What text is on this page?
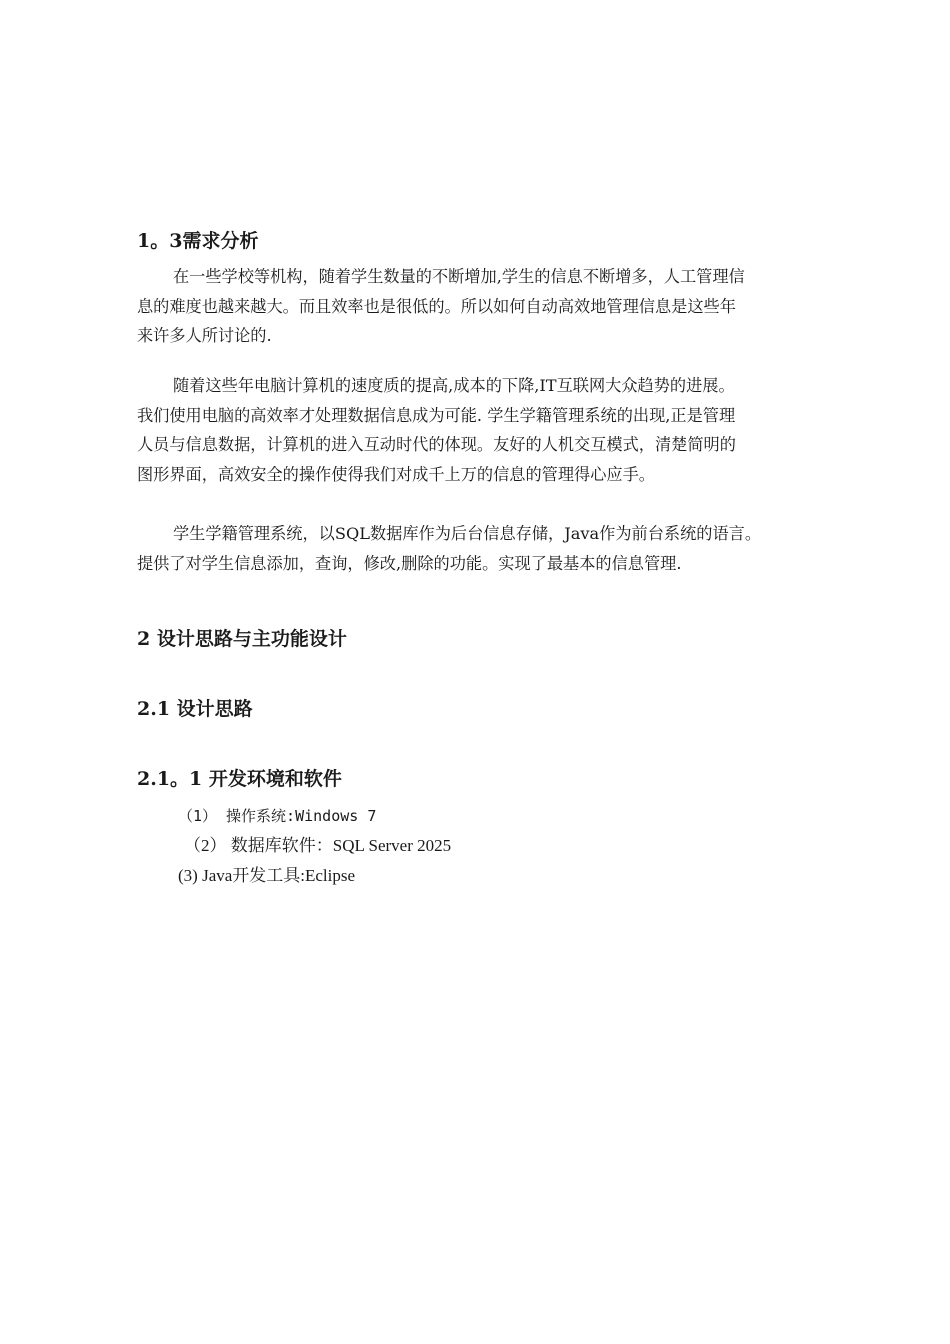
1。3需求分析
在一些学校等机构，随着学生数量的不断增加,学生的信息不断增多，人工管理信
息的难度也越来越大。而且效率也是很低的。所以如何自动高效地管理信息是这些年
来许多人所讨论的.
随着这些年电脑计算机的速度质的提高,成本的下降,IT互联网大众趋势的进展。
我们使用电脑的高效率才处理数据信息成为可能. 学生学籍管理系统的出现,正是管理
人员与信息数据，计算机的进入互动时代的体现。友好的人机交互模式，清楚简明的
图形界面，高效安全的操作使得我们对成千上万的信息的管理得心应手。
学生学籍管理系统，以SQL数据库作为后台信息存储，Java作为前台系统的语言。
提供了对学生信息添加，查询，修改,删除的功能。实现了最基本的信息管理.
2 设计思路与主功能设计
2.1 设计思路
2.1。1 开发环境和软件
（1） 操作系统:Windows 7
（2） 数据库软件：SQL Server 2025
(3) Java开发工具:Eclipse
